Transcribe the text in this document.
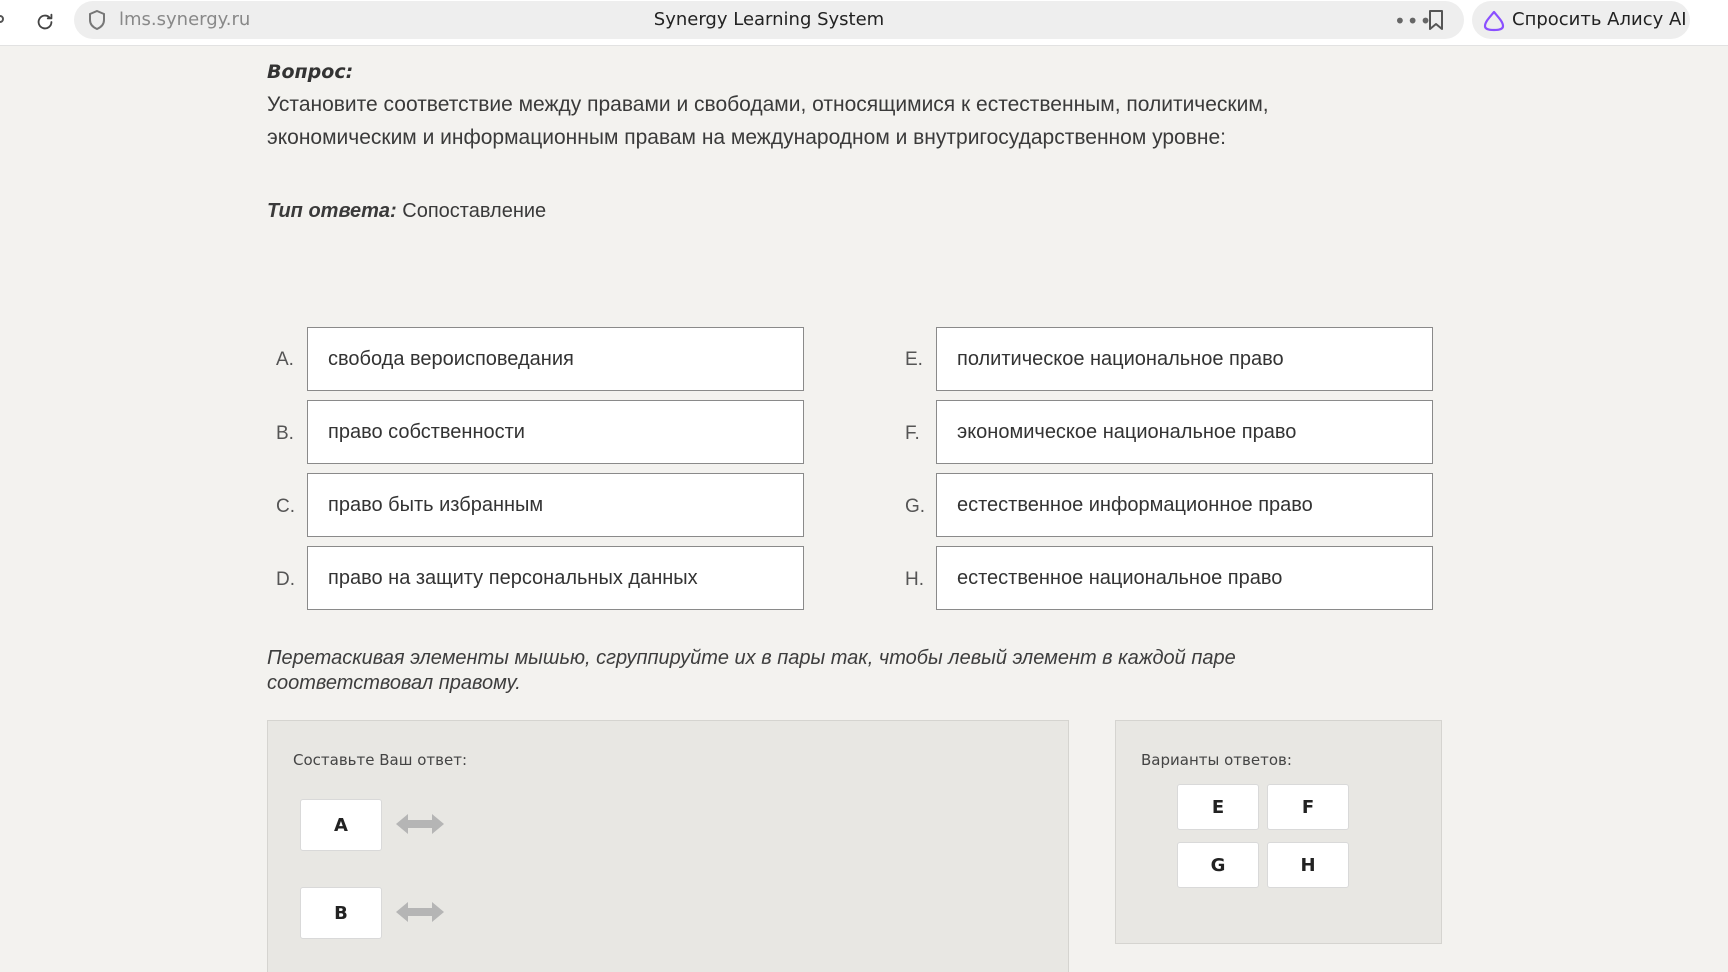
lms.synergy.ru	Synergy Learning System	•••	Спросить Алису AI
Вопрос:
Установите соответствие между правами и свободами, относящимися к естественным, политическим, экономическим и информационным правам на международном и внутригосударственном уровне:
Тип ответа: Сопоставление
A.	свобода вероисповедания
B.	право собственности
C.	право быть избранным
D.	право на защиту персональных данных
E.	политическое национальное право
F.	экономическое национальное право
G.	естественное информационное право
H.	естественное национальное право
Перетаскивая элементы мышью, сгруппируйте их в пары так, чтобы левый элемент в каждой паре соответствовал правому.
Составьте Ваш ответ:
A
B
Варианты ответов:
E	F
G	H
